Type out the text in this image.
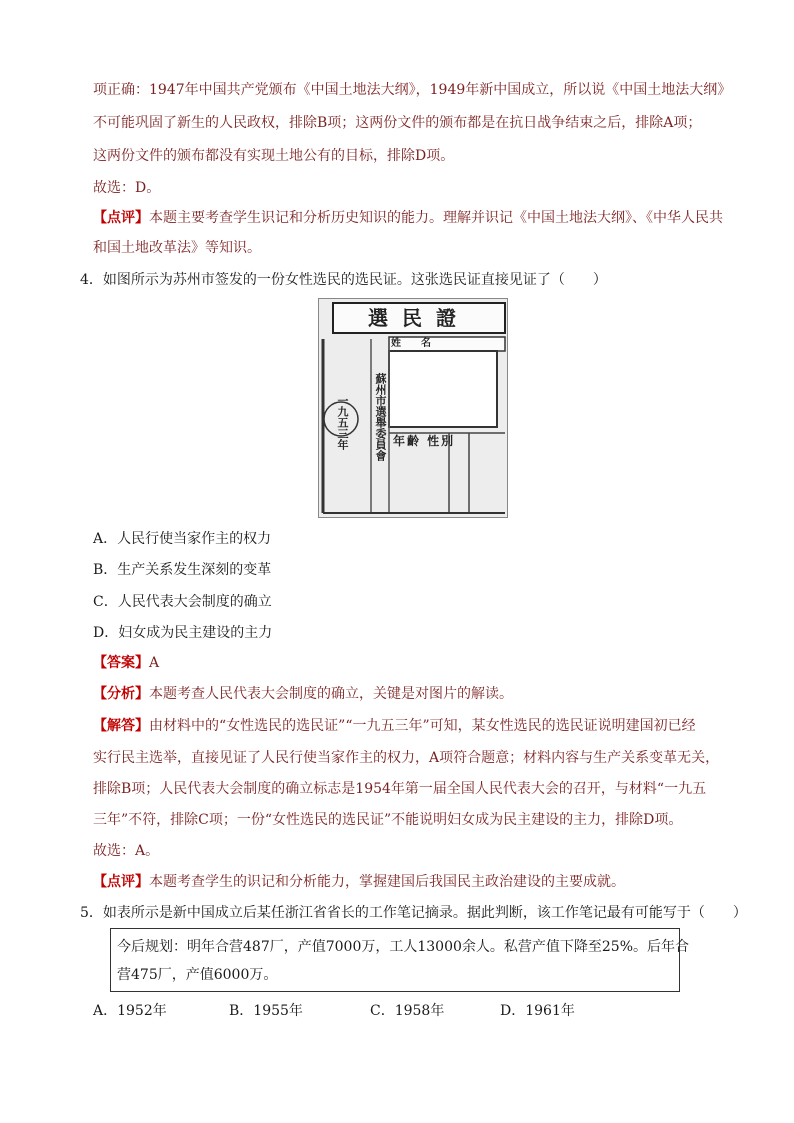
项正确：1947年中国共产党颁布《中国土地法大纲》，1949年新中国成立，所以说《中国土地法大纲》
不可能巩固了新生的人民政权，排除B项；这两份文件的颁布都是在抗日战争结束之后，排除A项；
这两份文件的颁布都没有实现土地公有的目标，排除D项。
故选：D。
【点评】本题主要考查学生识记和分析历史知识的能力。理解并识记《中国土地法大纲》、《中华人民共
和国土地改革法》等知识。
4．如图所示为苏州市签发的一份女性选民的选民证。这张选民证直接见证了（　　）
選民證
姓　　名
蘇州市選舉委員會
一九五三年	年齡 性別
A．人民行使当家作主的权力
B．生产关系发生深刻的变革
C．人民代表大会制度的确立
D．妇女成为民主建设的主力
【答案】A
【分析】本题考查人民代表大会制度的确立，关键是对图片的解读。
【解答】由材料中的“女性选民的选民证”“一九五三年”可知，某女性选民的选民证说明建国初已经
实行民主选举，直接见证了人民行使当家作主的权力，A项符合题意；材料内容与生产关系变革无关，
排除B项；人民代表大会制度的确立标志是1954年第一届全国人民代表大会的召开，与材料“一九五
三年”不符，排除C项；一份“女性选民的选民证”不能说明妇女成为民主建设的主力，排除D项。
故选：A。
【点评】本题考查学生的识记和分析能力，掌握建国后我国民主政治建设的主要成就。
5．如表所示是新中国成立后某任浙江省省长的工作笔记摘录。据此判断，该工作笔记最有可能写于（　　）
今后规划：明年合营487厂，产值7000万，工人13000余人。私营产值下降至25%。后年合
营475厂，产值6000万。
A．1952年	B．1955年	C．1958年	D．1961年
